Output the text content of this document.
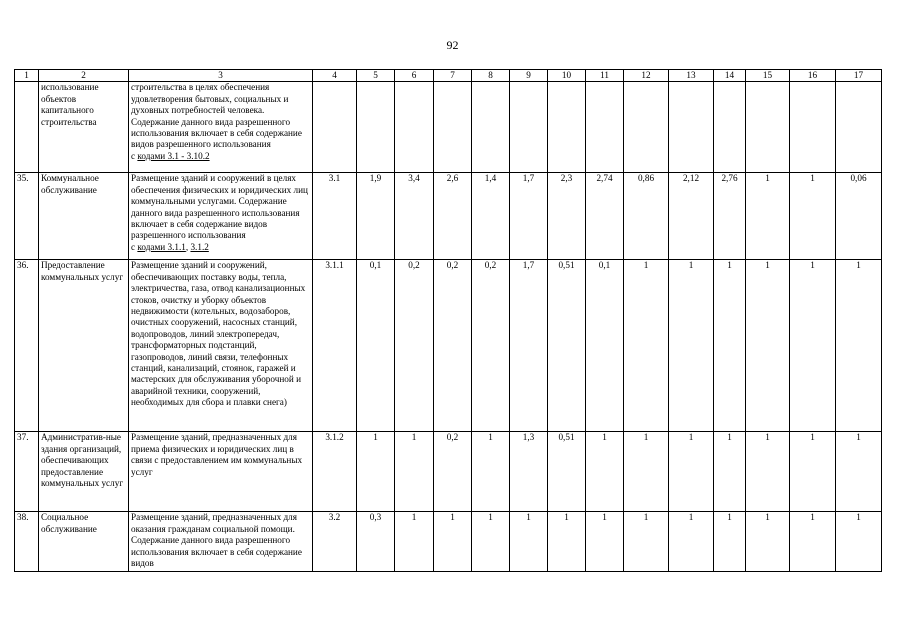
92
1	2	3	4	5	6	7	8	9	10	11	12	13	14	15	16	17
	использование объектов капитального строительства	строительства в целях обеспечения удовлетворения бытовых, социальных и духовных потребностей человека. Содержание данного вида разрешенного использования включает в себя содержание видов разрешенного использования с кодами 3.1 - 3.10.2														
35.	Коммунальное обслуживание	Размещение зданий и сооружений в целях обеспечения физических и юридических лиц коммунальными услугами. Содержание данного вида разрешенного использования включает в себя содержание видов разрешенного использования с кодами 3.1.1, 3.1.2	3.1	1,9	3,4	2,6	1,4	1,7	2,3	2,74	0,86	2,12	2,76	1	1	0,06
36.	Предоставление коммунальных услуг	Размещение зданий и сооружений, обеспечивающих поставку воды, тепла, электричества, газа, отвод канализационных стоков, очистку и уборку объектов недвижимости (котельных, водозаборов, очистных сооружений, насосных станций, водопроводов, линий электропередач, трансформаторных подстанций, газопроводов, линий связи, телефонных станций, канализаций, стоянок, гаражей и мастерских для обслуживания уборочной и аварийной техники, сооружений, необходимых для сбора и плавки снега)	3.1.1	0,1	0,2	0,2	0,2	1,7	0,51	0,1	1	1	1	1	1	1
37.	Административ-ные здания организаций, обеспечивающих предоставление коммунальных услуг	Размещение зданий, предназначенных для приема физических и юридических лиц в связи с предоставлением им коммунальных услуг	3.1.2	1	1	0,2	1	1,3	0,51	1	1	1	1	1	1	1
38.	Социальное обслуживание	Размещение зданий, предназначенных для оказания гражданам социальной помощи. Содержание данного вида разрешенного использования включает в себя содержание видов	3.2	0,3	1	1	1	1	1	1	1	1	1	1	1	1
